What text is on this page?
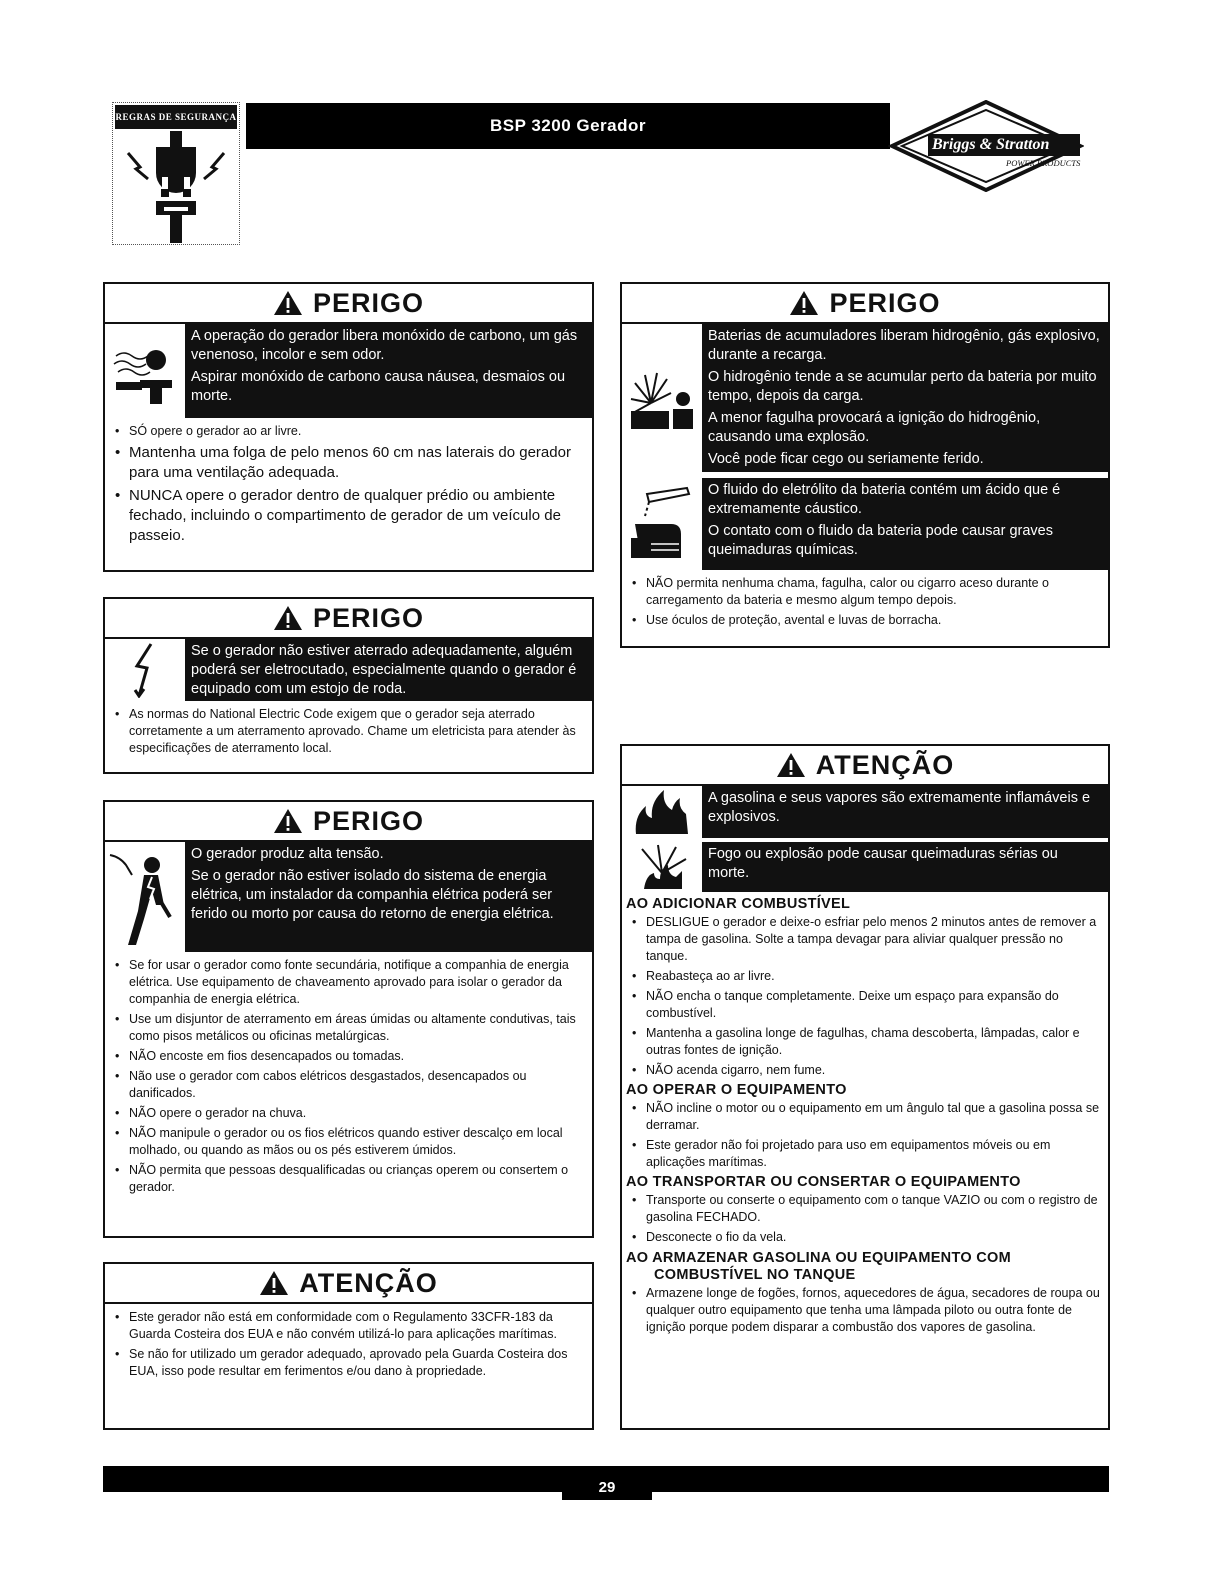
REGRAS DE SEGURANÇA	BSP 3200 Gerador
Briggs & Stratton
POWER PRODUCTS
PERIGO

A operação do gerador libera monóxido de carbono, um gás venenoso, incolor e sem odor.

Aspirar monóxido de carbono causa náusea, desmaios ou morte.

• SÓ opere o gerador ao ar livre.
• Mantenha uma folga de pelo menos 60 cm nas laterais do gerador para uma ventilação adequada.
• NUNCA opere o gerador dentro de qualquer prédio ou ambiente fechado, incluindo o compartimento de gerador de um veículo de passeio.
PERIGO

Se o gerador não estiver aterrado adequadamente, alguém poderá ser eletrocutado, especialmente quando o gerador é equipado com um estojo de roda.

• As normas do National Electric Code exigem que o gerador seja aterrado corretamente a um aterramento aprovado. Chame um eletricista para atender às especificações de aterramento local.
PERIGO

O gerador produz alta tensão.

Se o gerador não estiver isolado do sistema de energia elétrica, um instalador da companhia elétrica poderá ser ferido ou morto por causa do retorno de energia elétrica.

• Se for usar o gerador como fonte secundária, notifique a companhia de energia elétrica. Use equipamento de chaveamento aprovado para isolar o gerador da companhia de energia elétrica.
• Use um disjuntor de aterramento em áreas úmidas ou altamente condutivas, tais como pisos metálicos ou oficinas metalúrgicas.
• NÃO encoste em fios desencapados ou tomadas.
• Não use o gerador com cabos elétricos desgastados, desencapados ou danificados.
• NÃO opere o gerador na chuva.
• NÃO manipule o gerador ou os fios elétricos quando estiver descalço em local molhado, ou quando as mãos ou os pés estiverem úmidos.
• NÃO permita que pessoas desqualificadas ou crianças operem ou consertem o gerador.
ATENÇÃO
• Este gerador não está em conformidade com o Regulamento 33CFR-183 da Guarda Costeira dos EUA e não convém utilizá-lo para aplicações marítimas.
• Se não for utilizado um gerador adequado, aprovado pela Guarda Costeira dos EUA, isso pode resultar em ferimentos e/ou dano à propriedade.
PERIGO

Baterias de acumuladores liberam hidrogênio, gás explosivo, durante a recarga.

O hidrogênio tende a se acumular perto da bateria por muito tempo, depois da carga.

A menor fagulha provocará a ignição do hidrogênio, causando uma explosão.

Você pode ficar cego ou seriamente ferido.

O fluido do eletrólito da bateria contém um ácido que é extremamente cáustico.

O contato com o fluido da bateria pode causar graves queimaduras químicas.

• NÃO permita nenhuma chama, fagulha, calor ou cigarro aceso durante o carregamento da bateria e mesmo algum tempo depois.
• Use óculos de proteção, avental e luvas de borracha.
ATENÇÃO

A gasolina e seus vapores são extremamente inflamáveis e explosivos.

Fogo ou explosão pode causar queimaduras sérias ou morte.

AO ADICIONAR COMBUSTÍVEL
• DESLIGUE o gerador e deixe-o esfriar pelo menos 2 minutos antes de remover a tampa de gasolina. Solte a tampa devagar para aliviar qualquer pressão no tanque.
• Reabasteça ao ar livre.
• NÃO encha o tanque completamente. Deixe um espaço para expansão do combustível.
• Mantenha a gasolina longe de fagulhas, chama descoberta, lâmpadas, calor e outras fontes de ignição.
• NÃO acenda cigarro, nem fume.
AO OPERAR O EQUIPAMENTO
• NÃO incline o motor ou o equipamento em um ângulo tal que a gasolina possa se derramar.
• Este gerador não foi projetado para uso em equipamentos móveis ou em aplicações marítimas.
AO TRANSPORTAR OU CONSERTAR O EQUIPAMENTO
• Transporte ou conserte o equipamento com o tanque VAZIO ou com o registro de gasolina FECHADO.
• Desconecte o fio da vela.
AO ARMAZENAR GASOLINA OU EQUIPAMENTO COM
COMBUSTÍVEL NO TANQUE
• Armazene longe de fogões, fornos, aquecedores de água, secadores de roupa ou qualquer outro equipamento que tenha uma lâmpada piloto ou outra fonte de ignição porque podem disparar a combustão dos vapores de gasolina.
29
